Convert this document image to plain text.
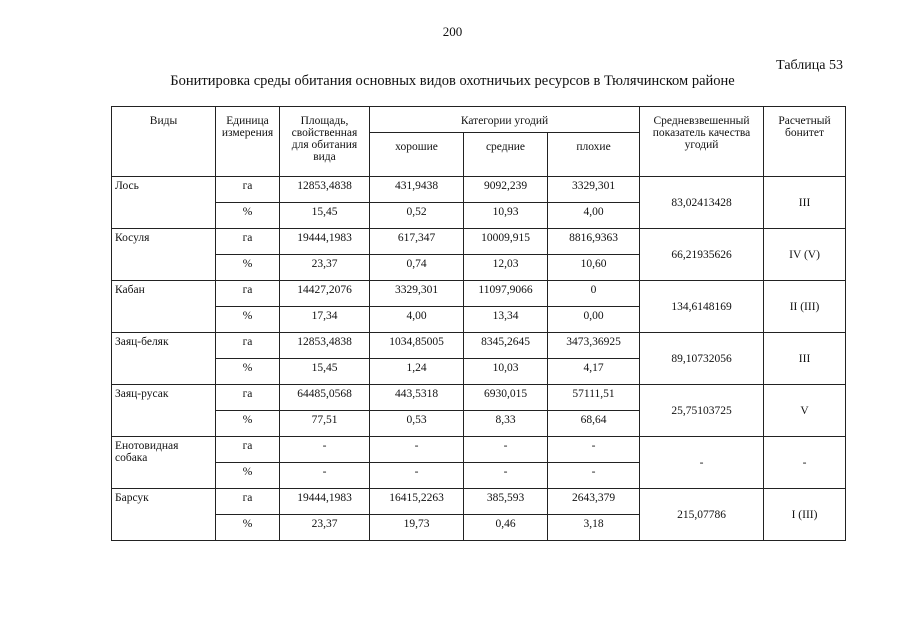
200
Таблица 53
Бонитировка среды обитания основных видов охотничьих ресурсов в Тюлячинском районе
Виды	Единица измерения	Площадь, свойственная для обитания вида	Категории угодий			Средневзвешенный показатель качества угодий	Расчетный бонитет
			хорошие	средние	плохие		
Лось	га	12853,4838	431,9438	9092,239	3329,301	83,02413428	III
	%	15,45	0,52	10,93	4,00		
Косуля	га	19444,1983	617,347	10009,915	8816,9363	66,21935626	IV (V)
	%	23,37	0,74	12,03	10,60		
Кабан	га	14427,2076	3329,301	11097,9066	0	134,6148169	II (III)
	%	17,34	4,00	13,34	0,00		
Заяц-беляк	га	12853,4838	1034,85005	8345,2645	3473,36925	89,10732056	III
	%	15,45	1,24	10,03	4,17		
Заяц-русак	га	64485,0568	443,5318	6930,015	57111,51	25,75103725	V
	%	77,51	0,53	8,33	68,64		
Енотовидная собака	га	-	-	-	-	-	-
	%	-	-	-	-		
Барсук	га	19444,1983	16415,2263	385,593	2643,379	215,07786	I (III)
	%	23,37	19,73	0,46	3,18		
